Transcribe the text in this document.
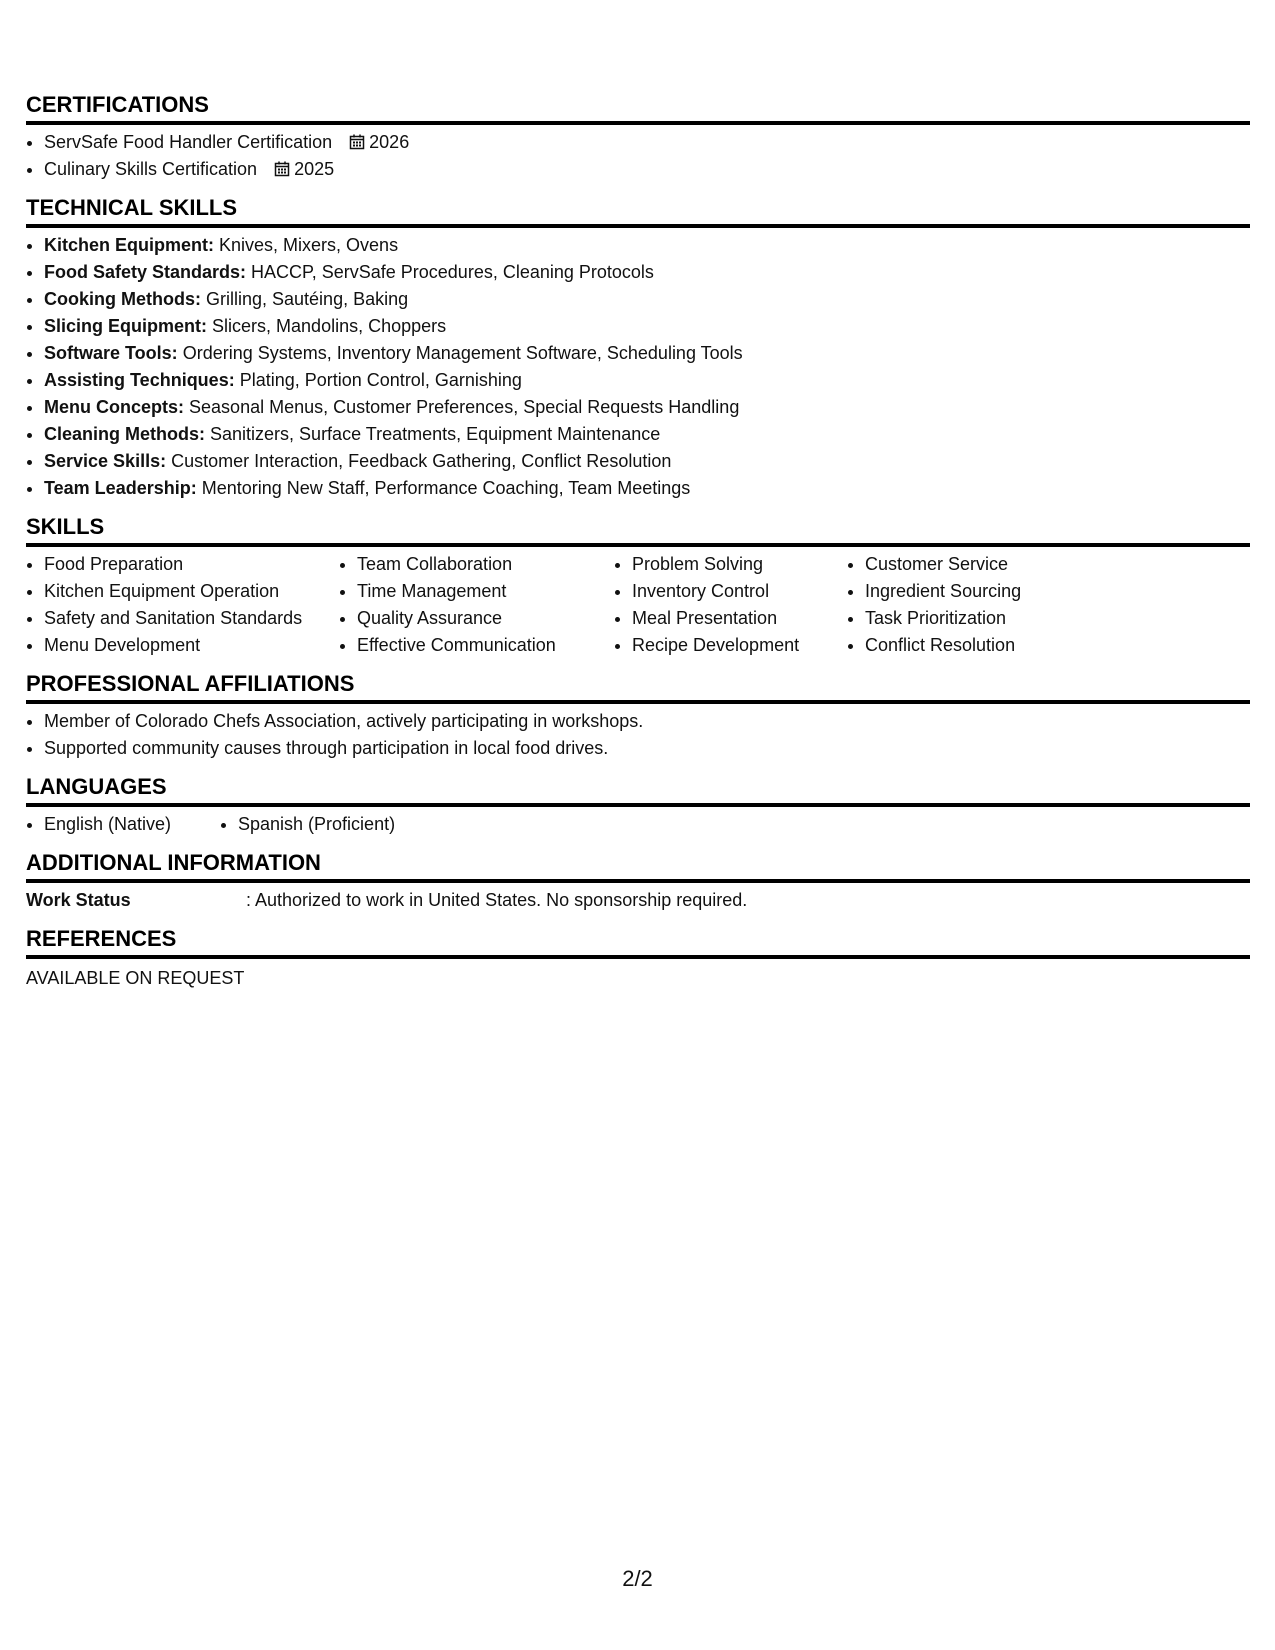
CERTIFICATIONS
• ServSafe Food Handler Certification 2026
• Culinary Skills Certification 2025
TECHNICAL SKILLS
• Kitchen Equipment: Knives, Mixers, Ovens
• Food Safety Standards: HACCP, ServSafe Procedures, Cleaning Protocols
• Cooking Methods: Grilling, Sautéing, Baking
• Slicing Equipment: Slicers, Mandolins, Choppers
• Software Tools: Ordering Systems, Inventory Management Software, Scheduling Tools
• Assisting Techniques: Plating, Portion Control, Garnishing
• Menu Concepts: Seasonal Menus, Customer Preferences, Special Requests Handling
• Cleaning Methods: Sanitizers, Surface Treatments, Equipment Maintenance
• Service Skills: Customer Interaction, Feedback Gathering, Conflict Resolution
• Team Leadership: Mentoring New Staff, Performance Coaching, Team Meetings
SKILLS
• Food Preparation
• Kitchen Equipment Operation
• Safety and Sanitation Standards
• Menu Development
• Team Collaboration
• Time Management
• Quality Assurance
• Effective Communication
• Problem Solving
• Inventory Control
• Meal Presentation
• Recipe Development
• Customer Service
• Ingredient Sourcing
• Task Prioritization
• Conflict Resolution
PROFESSIONAL AFFILIATIONS
• Member of Colorado Chefs Association, actively participating in workshops.
• Supported community causes through participation in local food drives.
LANGUAGES
• English (Native)
•	Spanish (Proficient)
ADDITIONAL INFORMATION
Work Status	: Authorized to work in United States. No sponsorship required.
REFERENCES
AVAILABLE ON REQUEST
2/2
